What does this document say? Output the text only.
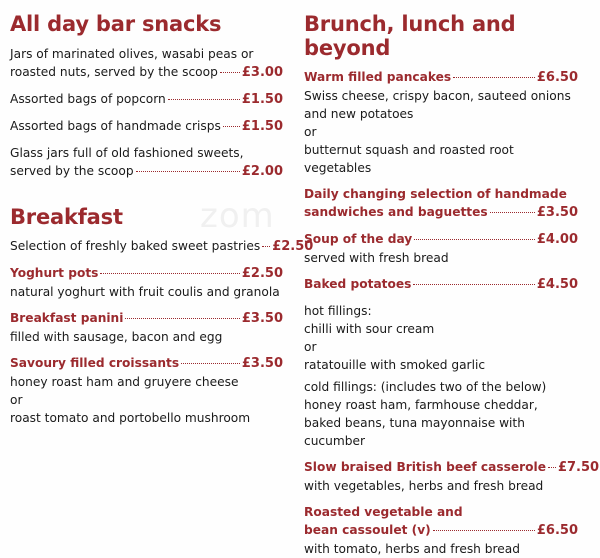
zom
All day bar snacks
Jars of marinated olives, wasabi peas or
roasted nuts, served by the scoop £3.00
Assorted bags of popcorn	£1.50
Assorted bags of handmade crisps £1.50
Glass jars full of old fashioned sweets,
served by the scoop	£2.00
Breakfast
Selection of freshly baked sweet pastries £2.50
Yoghurt pots	£2.50
natural yoghurt with fruit coulis and granola
Breakfast panini	£3.50
filled with sausage, bacon and egg
Savoury filled croissants	£3.50
honey roast ham and gruyere cheese
or
roast tomato and portobello mushroom
Brunch, lunch and beyond
Warm filled pancakes	£6.50
Swiss cheese, crispy bacon, sauteed onions
and new potatoes
or
butternut squash and roasted root vegetables
Daily changing selection of handmade
sandwiches and baguettes	£3.50
Soup of the day	£4.00
served with fresh bread
Baked potatoes	£4.50
hot fillings:
chilli with sour cream
or
ratatouille with smoked garlic
cold fillings: (includes two of the below)
honey roast ham, farmhouse cheddar,
baked beans, tuna mayonnaise with cucumber
Slow braised British beef casserole £7.50
with vegetables, herbs and fresh bread
Roasted vegetable and
bean cassoulet (v)	£6.50
with tomato, herbs and fresh bread
